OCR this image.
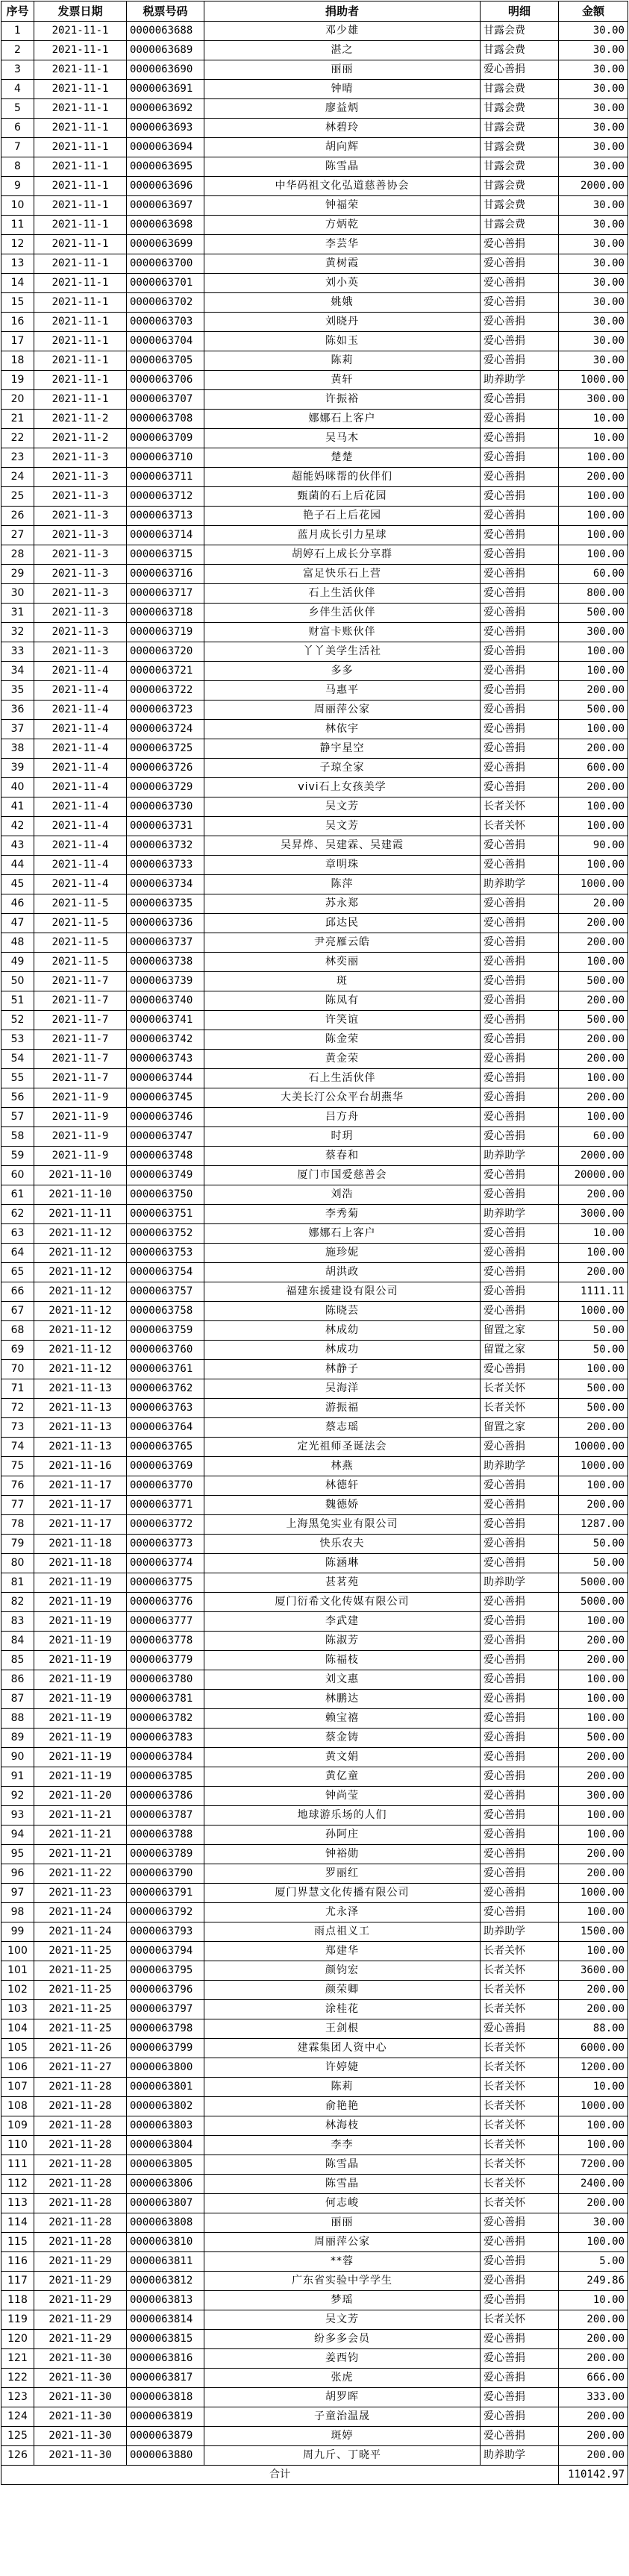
序号	发票日期	税票号码	捐助者	明细	金额
1	2021-11-1	0000063688	邓少雄	甘露会费	30.00
2	2021-11-1	0000063689	湛之	甘露会费	30.00
3	2021-11-1	0000063690	丽丽	爱心善捐	30.00
4	2021-11-1	0000063691	钟晴	甘露会费	30.00
5	2021-11-1	0000063692	廖益炳	甘露会费	30.00
6	2021-11-1	0000063693	林碧玲	甘露会费	30.00
7	2021-11-1	0000063694	胡向辉	甘露会费	30.00
8	2021-11-1	0000063695	陈雪晶	甘露会费	30.00
9	2021-11-1	0000063696	中华码祖文化弘道慈善协会	甘露会费	2000.00
10	2021-11-1	0000063697	钟福荣	甘露会费	30.00
11	2021-11-1	0000063698	方炳乾	甘露会费	30.00
12	2021-11-1	0000063699	李芸华	爱心善捐	30.00
13	2021-11-1	0000063700	黄树霞	爱心善捐	30.00
14	2021-11-1	0000063701	刘小英	爱心善捐	30.00
15	2021-11-1	0000063702	姚娥	爱心善捐	30.00
16	2021-11-1	0000063703	刘晓丹	爱心善捐	30.00
17	2021-11-1	0000063704	陈如玉	爱心善捐	30.00
18	2021-11-1	0000063705	陈莉	爱心善捐	30.00
19	2021-11-1	0000063706	黄轩	助养助学	1000.00
20	2021-11-1	0000063707	许振裕	爱心善捐	300.00
21	2021-11-2	0000063708	娜娜石上客户	爱心善捐	10.00
22	2021-11-2	0000063709	吴马木	爱心善捐	10.00
23	2021-11-3	0000063710	楚楚	爱心善捐	100.00
24	2021-11-3	0000063711	超能妈咪帮的伙伴们	爱心善捐	200.00
25	2021-11-3	0000063712	甄菌的石上后花园	爱心善捐	100.00
26	2021-11-3	0000063713	艳子石上后花园	爱心善捐	100.00
27	2021-11-3	0000063714	蓝月成长引力星球	爱心善捐	100.00
28	2021-11-3	0000063715	胡婷石上成长分享群	爱心善捐	100.00
29	2021-11-3	0000063716	富足快乐石上营	爱心善捐	60.00
30	2021-11-3	0000063717	石上生活伙伴	爱心善捐	800.00
31	2021-11-3	0000063718	乡伴生活伙伴	爱心善捐	500.00
32	2021-11-3	0000063719	财富卡账伙伴	爱心善捐	300.00
33	2021-11-3	0000063720	丫丫美学生活社	爱心善捐	100.00
34	2021-11-4	0000063721	多多	爱心善捐	100.00
35	2021-11-4	0000063722	马惠平	爱心善捐	200.00
36	2021-11-4	0000063723	周丽萍公家	爱心善捐	500.00
37	2021-11-4	0000063724	林依宇	爱心善捐	100.00
38	2021-11-4	0000063725	静宇星空	爱心善捐	200.00
39	2021-11-4	0000063726	子琼全家	爱心善捐	600.00
40	2021-11-4	0000063729	vivi石上女孩美学	爱心善捐	200.00
41	2021-11-4	0000063730	吴文芳	长者关怀	100.00
42	2021-11-4	0000063731	吴文芳	长者关怀	100.00
43	2021-11-4	0000063732	吴昇烨、吴建霖、吴建霞	爱心善捐	90.00
44	2021-11-4	0000063733	章明珠	爱心善捐	100.00
45	2021-11-4	0000063734	陈萍	助养助学	1000.00
46	2021-11-5	0000063735	苏永郑	爱心善捐	20.00
47	2021-11-5	0000063736	邱达民	爱心善捐	200.00
48	2021-11-5	0000063737	尹亮雁云皓	爱心善捐	200.00
49	2021-11-5	0000063738	林奕丽	爱心善捐	100.00
50	2021-11-7	0000063739	斑	爱心善捐	500.00
51	2021-11-7	0000063740	陈凤有	爱心善捐	200.00
52	2021-11-7	0000063741	许笑谊	爱心善捐	500.00
53	2021-11-7	0000063742	陈金荣	爱心善捐	200.00
54	2021-11-7	0000063743	黄金荣	爱心善捐	200.00
55	2021-11-7	0000063744	石上生活伙伴	爱心善捐	100.00
56	2021-11-9	0000063745	大美长汀公众平台胡燕华	爱心善捐	200.00
57	2021-11-9	0000063746	吕方舟	爱心善捐	100.00
58	2021-11-9	0000063747	时玥	爱心善捐	60.00
59	2021-11-9	0000063748	蔡春和	助养助学	2000.00
60	2021-11-10	0000063749	厦门市国爱慈善会	爱心善捐	20000.00
61	2021-11-10	0000063750	刘浩	爱心善捐	200.00
62	2021-11-11	0000063751	李秀菊	助养助学	3000.00
63	2021-11-12	0000063752	娜娜石上客户	爱心善捐	10.00
64	2021-11-12	0000063753	施珍妮	爱心善捐	100.00
65	2021-11-12	0000063754	胡洪政	爱心善捐	200.00
66	2021-11-12	0000063757	福建东援建设有限公司	爱心善捐	1111.11
67	2021-11-12	0000063758	陈晓芸	爱心善捐	1000.00
68	2021-11-12	0000063759	林成幼	留置之家	50.00
69	2021-11-12	0000063760	林成功	留置之家	50.00
70	2021-11-12	0000063761	林静子	爱心善捐	100.00
71	2021-11-13	0000063762	吴海洋	长者关怀	500.00
72	2021-11-13	0000063763	游振福	长者关怀	500.00
73	2021-11-13	0000063764	蔡志瑶	留置之家	200.00
74	2021-11-13	0000063765	定光祖师圣诞法会	爱心善捐	10000.00
75	2021-11-16	0000063769	林燕	助养助学	1000.00
76	2021-11-17	0000063770	林德轩	爱心善捐	100.00
77	2021-11-17	0000063771	魏德娇	爱心善捐	200.00
78	2021-11-17	0000063772	上海黑兔实业有限公司	爱心善捐	1287.00
79	2021-11-18	0000063773	快乐农夫	爱心善捐	50.00
80	2021-11-18	0000063774	陈涵琳	爱心善捐	50.00
81	2021-11-19	0000063775	甚茗苑	助养助学	5000.00
82	2021-11-19	0000063776	厦门衍希文化传媒有限公司	爱心善捐	5000.00
83	2021-11-19	0000063777	李武建	爱心善捐	100.00
84	2021-11-19	0000063778	陈淑芳	爱心善捐	200.00
85	2021-11-19	0000063779	陈福枝	爱心善捐	200.00
86	2021-11-19	0000063780	刘文惠	爱心善捐	100.00
87	2021-11-19	0000063781	林鹏达	爱心善捐	100.00
88	2021-11-19	0000063782	赖宝禧	爱心善捐	100.00
89	2021-11-19	0000063783	蔡金铸	爱心善捐	500.00
90	2021-11-19	0000063784	黄文娟	爱心善捐	200.00
91	2021-11-19	0000063785	黄亿童	爱心善捐	200.00
92	2021-11-20	0000063786	钟尚莹	爱心善捐	300.00
93	2021-11-21	0000063787	地球游乐场的人们	爱心善捐	100.00
94	2021-11-21	0000063788	孙阿庄	爱心善捐	100.00
95	2021-11-21	0000063789	钟裕勋	爱心善捐	200.00
96	2021-11-22	0000063790	罗丽红	爱心善捐	200.00
97	2021-11-23	0000063791	厦门界慧文化传播有限公司	爱心善捐	1000.00
98	2021-11-24	0000063792	尤永泽	爱心善捐	100.00
99	2021-11-24	0000063793	雨点祖义工	助养助学	1500.00
100	2021-11-25	0000063794	郑建华	长者关怀	100.00
101	2021-11-25	0000063795	颜钧宏	长者关怀	3600.00
102	2021-11-25	0000063796	颜荣卿	长者关怀	200.00
103	2021-11-25	0000063797	涂桂花	长者关怀	200.00
104	2021-11-25	0000063798	王剑根	爱心善捐	88.00
105	2021-11-26	0000063799	建霖集团人资中心	长者关怀	6000.00
106	2021-11-27	0000063800	许婷婕	长者关怀	1200.00
107	2021-11-28	0000063801	陈莉	长者关怀	10.00
108	2021-11-28	0000063802	俞艳艳	长者关怀	1000.00
109	2021-11-28	0000063803	林海枝	长者关怀	100.00
110	2021-11-28	0000063804	李李	长者关怀	100.00
111	2021-11-28	0000063805	陈雪晶	长者关怀	7200.00
112	2021-11-28	0000063806	陈雪晶	长者关怀	2400.00
113	2021-11-28	0000063807	何志峻	长者关怀	200.00
114	2021-11-28	0000063808	丽丽	爱心善捐	30.00
115	2021-11-28	0000063810	周丽萍公家	爱心善捐	100.00
116	2021-11-29	0000063811	**蓉	爱心善捐	5.00
117	2021-11-29	0000063812	广东省实验中学学生	爱心善捐	249.86
118	2021-11-29	0000063813	梦瑶	爱心善捐	10.00
119	2021-11-29	0000063814	吴文芳	长者关怀	200.00
120	2021-11-29	0000063815	纷多多会员	爱心善捐	200.00
121	2021-11-30	0000063816	姜西钧	爱心善捐	200.00
122	2021-11-30	0000063817	张虎	爱心善捐	666.00
123	2021-11-30	0000063818	胡罗晖	爱心善捐	333.00
124	2021-11-30	0000063819	子童治温晟	爱心善捐	200.00
125	2021-11-30	0000063879	斑婷	爱心善捐	200.00
126	2021-11-30	0000063880	周九斤、丁晓平	助养助学	200.00
合计					110142.97
